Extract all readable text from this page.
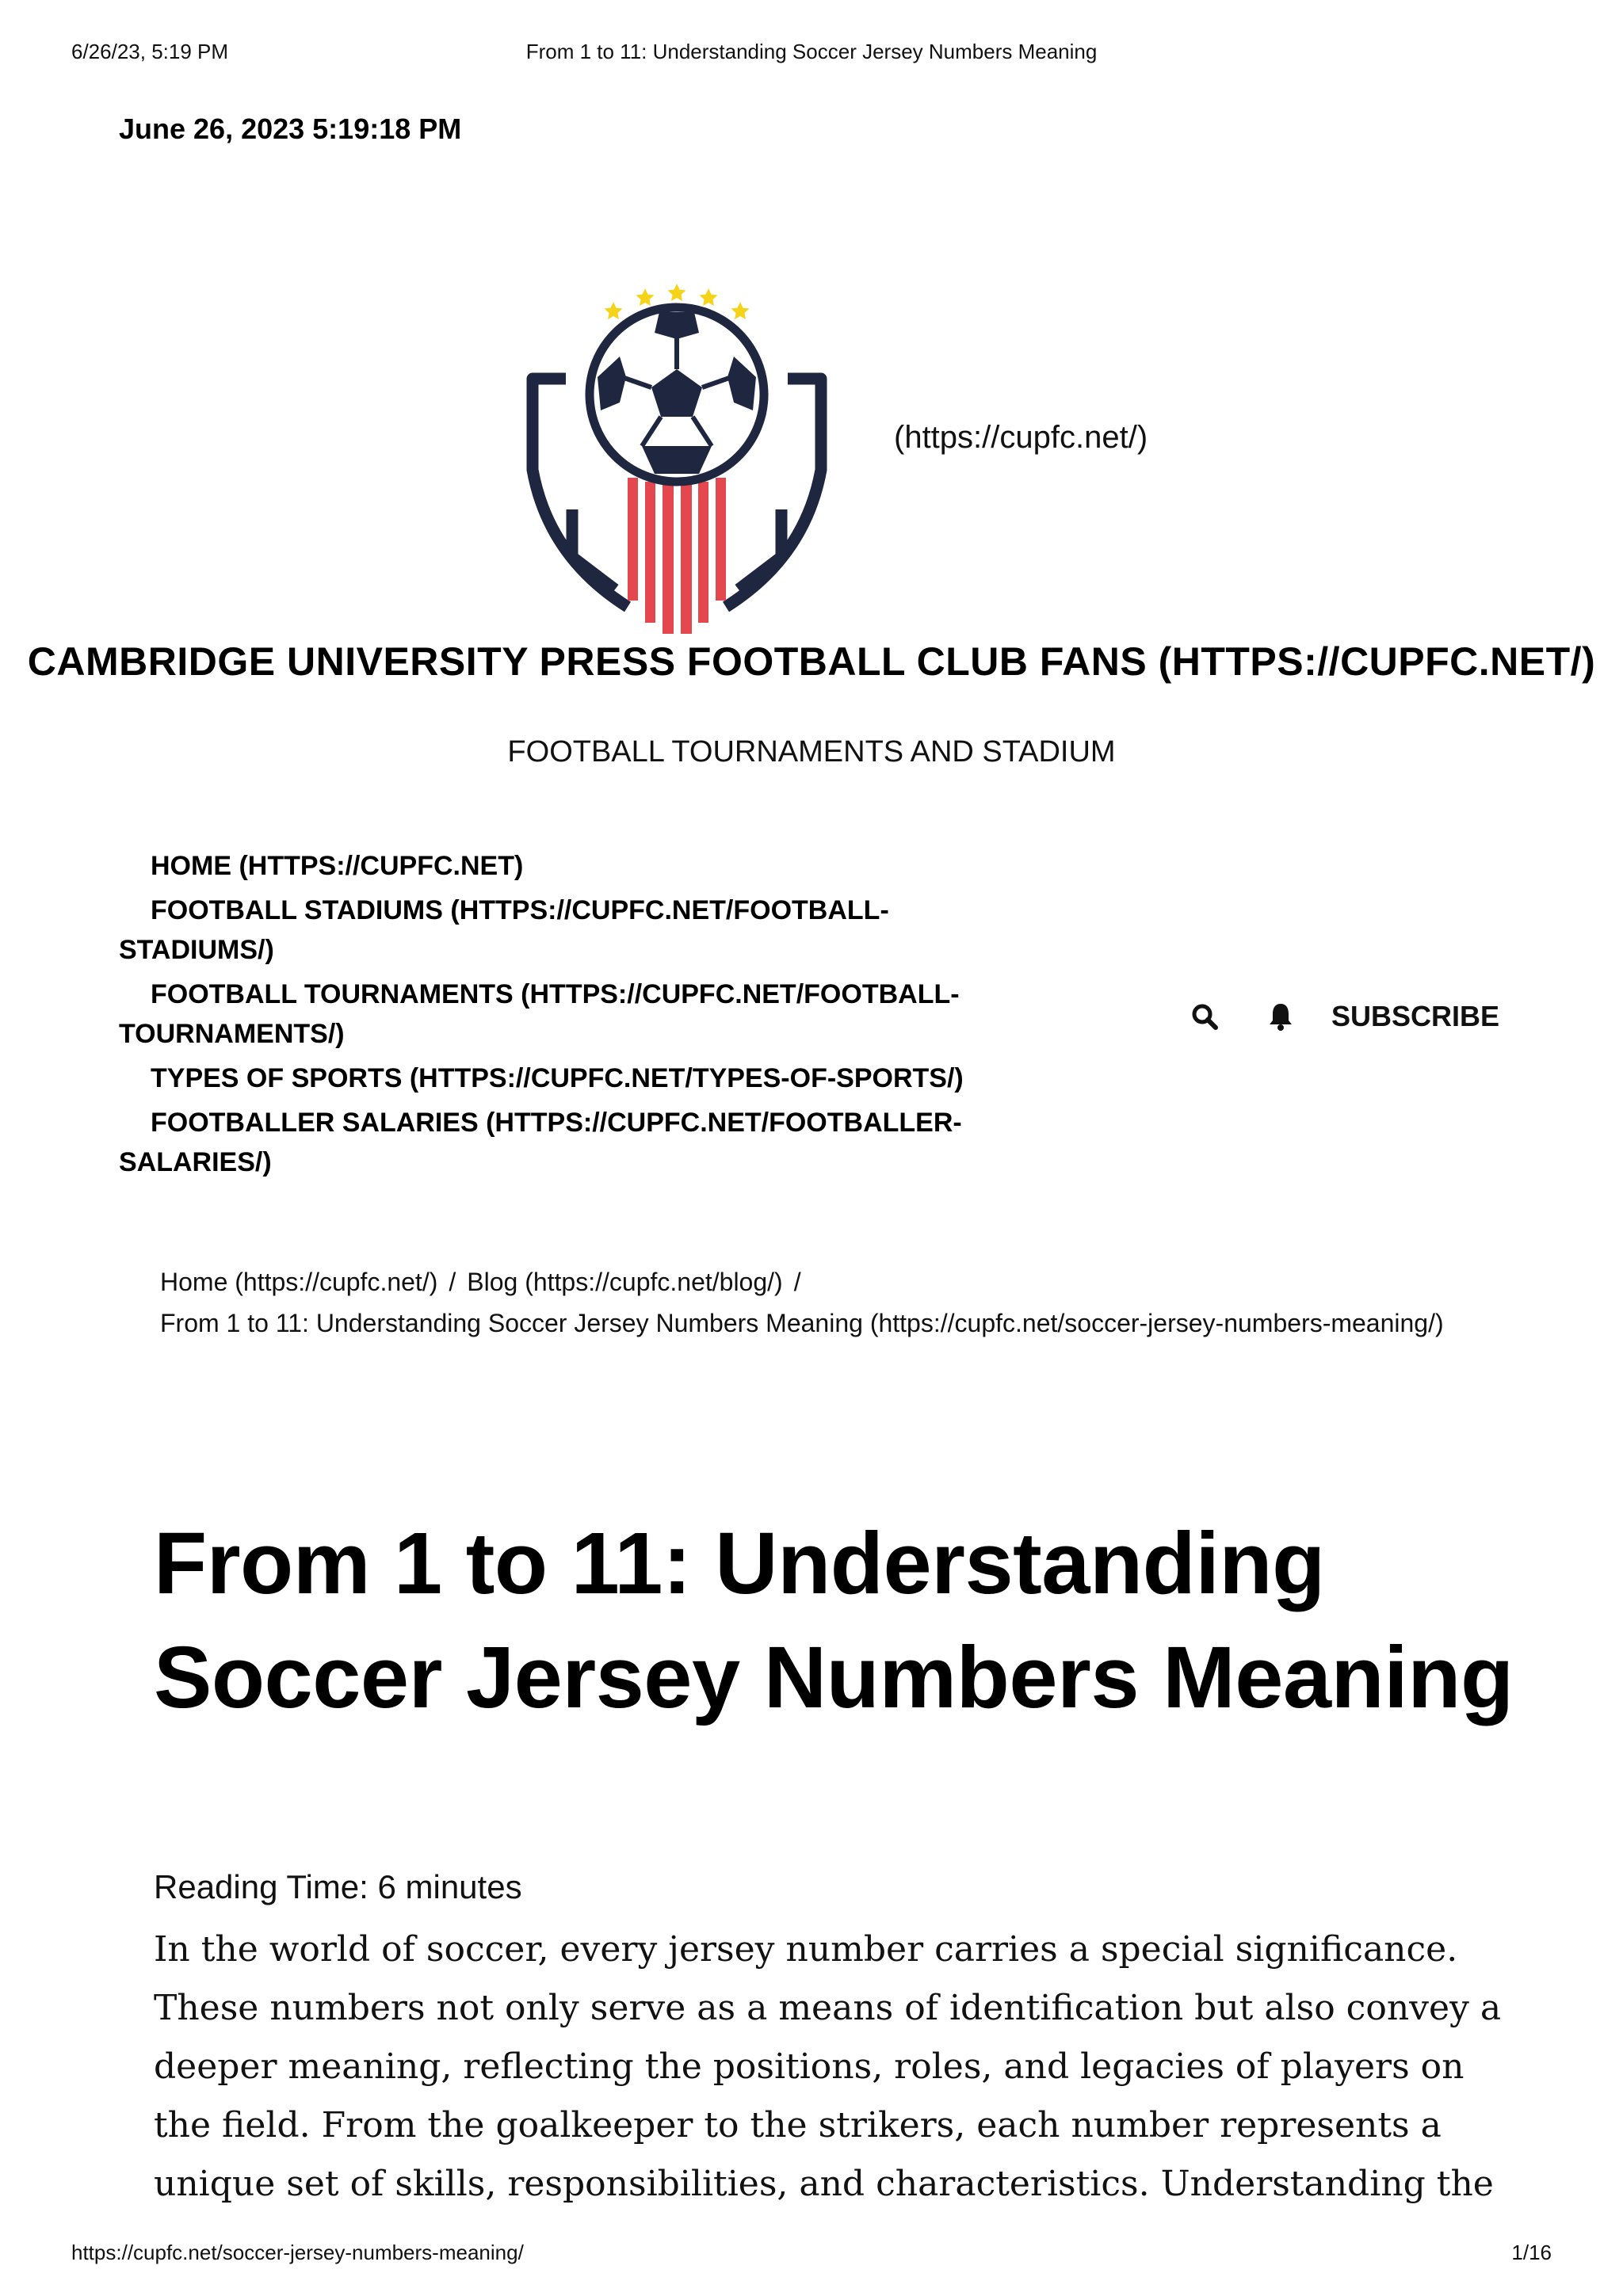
6/26/23, 5:19 PM	From 1 to 11: Understanding Soccer Jersey Numbers Meaning
June 26, 2023 5:19:18 PM
(https://cupfc.net/)
CAMBRIDGE UNIVERSITY PRESS FOOTBALL CLUB FANS (HTTPS://CUPFC.NET/)
FOOTBALL TOURNAMENTS AND STADIUM
HOME (HTTPS://CUPFC.NET)
FOOTBALL STADIUMS (HTTPS://CUPFC.NET/FOOTBALL-STADIUMS/)
FOOTBALL TOURNAMENTS (HTTPS://CUPFC.NET/FOOTBALL-TOURNAMENTS/)
TYPES OF SPORTS (HTTPS://CUPFC.NET/TYPES-OF-SPORTS/)
FOOTBALLER SALARIES (HTTPS://CUPFC.NET/FOOTBALLER-SALARIES/)
SUBSCRIBE
Home (https://cupfc.net/) / Blog (https://cupfc.net/blog/) /
From 1 to 11: Understanding Soccer Jersey Numbers Meaning (https://cupfc.net/soccer-jersey-numbers-meaning/)
From 1 to 11: Understanding Soccer Jersey Numbers Meaning
Reading Time: 6 minutes

In the world of soccer, every jersey number carries a special significance. These numbers not only serve as a means of identification but also convey a deeper meaning, reflecting the positions, roles, and legacies of players on the field. From the goalkeeper to the strikers, each number represents a unique set of skills, responsibilities, and characteristics. Understanding the

https://cupfc.net/soccer-jersey-numbers-meaning/	1/16
